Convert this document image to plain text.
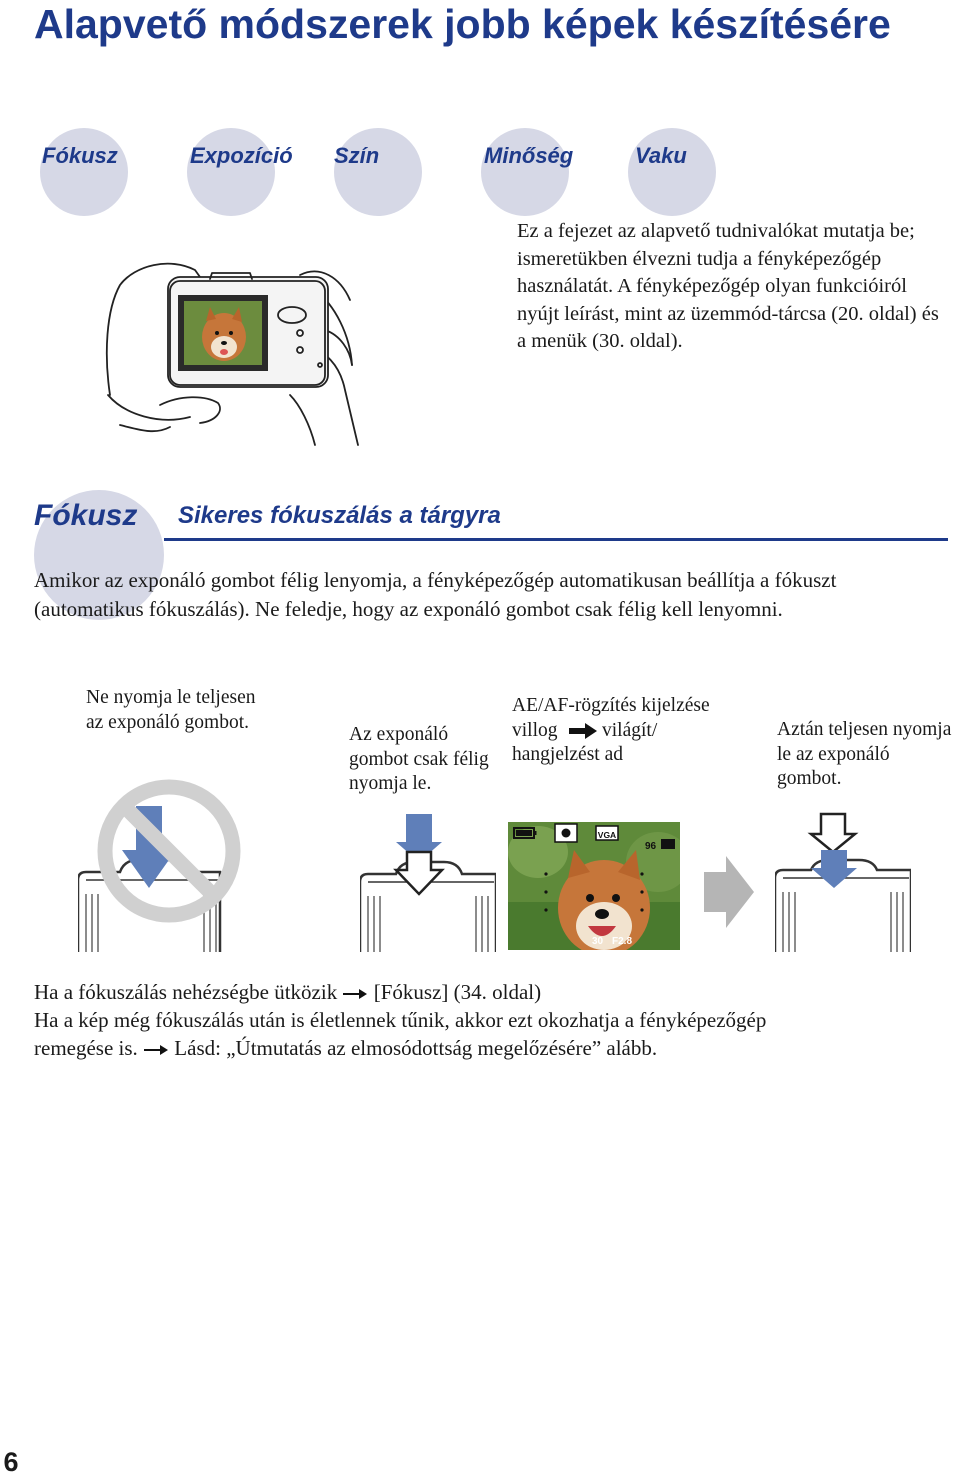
Alapvető módszerek jobb képek készítésére
Fókusz	Expozíció Szín	Minőség	Vaku
Ez a fejezet az alapvető tudnivalókat mutatja be; ismeretükben élvezni tudja a fényképezőgép használatát. A fényképezőgép olyan funkcióiról nyújt leírást, mint az üzemmód-tárcsa (20. oldal) és a menük (30. oldal).
Fókusz Sikeres fókuszálás a tárgyra
Amikor az exponáló gombot félig lenyomja, a fényképezőgép automatikusan beállítja a fókuszt (automatikus fókuszálás). Ne feledje, hogy az exponáló gombot csak félig kell lenyomni.
Ne nyomja le teljesen az exponáló gombot.
Az exponáló gombot csak félig nyomja le.
AE/AF-rögzítés kijelzése
villog világít/
hangjelzést ad
Aztán teljesen nyomja le az exponáló gombot.
VGA
96
30 F2.8
Ha a fókuszálás nehézségbe ütközik [Fókusz] (34. oldal)
Ha a kép még fókuszálás után is életlennek tűnik, akkor ezt okozhatja a fényképezőgép
remegése is. Lásd: „Útmutatás az elmosódottság megelőzésére” alább.
6
